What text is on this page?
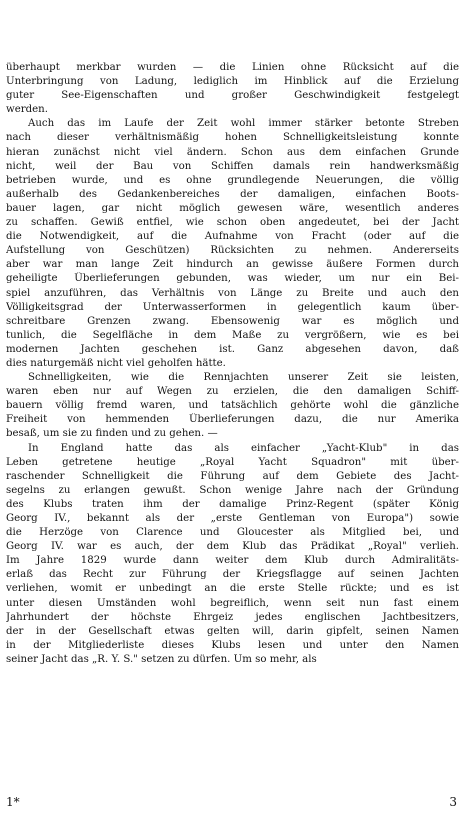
überhaupt merkbar wurden — die Linien ohne Rücksicht auf die
Unterbringung von Ladung, lediglich im Hinblick auf die Erzielung
guter See-Eigenschaften und großer Geschwindigkeit festgelegt
werden.
Auch das im Laufe der Zeit wohl immer stärker betonte Streben
nach dieser verhältnismäßig hohen Schnelligkeitsleistung konnte
hieran zunächst nicht viel ändern. Schon aus dem einfachen Grunde
nicht, weil der Bau von Schiffen damals rein handwerksmäßig
betrieben wurde, und es ohne grundlegende Neuerungen, die völlig
außerhalb des Gedankenbereiches der damaligen, einfachen Boots-
bauer lagen, gar nicht möglich gewesen wäre, wesentlich anderes
zu schaffen. Gewiß entfiel, wie schon oben angedeutet, bei der Jacht
die Notwendigkeit, auf die Aufnahme von Fracht (oder auf die
Aufstellung von Geschützen) Rücksichten zu nehmen. Andererseits
aber war man lange Zeit hindurch an gewisse äußere Formen durch
geheiligte Überlieferungen gebunden, was wieder, um nur ein Bei-
spiel anzuführen, das Verhältnis von Länge zu Breite und auch den
Völligkeitsgrad der Unterwasserformen in gelegentlich kaum über-
schreitbare Grenzen zwang. Ebensowenig war es möglich und
tunlich, die Segelfläche in dem Maße zu vergrößern, wie es bei
modernen Jachten geschehen ist. Ganz abgesehen davon, daß
dies naturgemäß nicht viel geholfen hätte.
Schnelligkeiten, wie die Rennjachten unserer Zeit sie leisten,
waren eben nur auf Wegen zu erzielen, die den damaligen Schiff-
bauern völlig fremd waren, und tatsächlich gehörte wohl die gänzliche
Freiheit von hemmenden Überlieferungen dazu, die nur Amerika
besaß, um sie zu finden und zu gehen. —
In England hatte das als einfacher „Yacht-Klub" in das
Leben getretene heutige „Royal Yacht Squadron" mit über-
raschender Schnelligkeit die Führung auf dem Gebiete des Jacht-
segelns zu erlangen gewußt. Schon wenige Jahre nach der Gründung
des Klubs traten ihm der damalige Prinz-Regent (später König
Georg IV., bekannt als der „erste Gentleman von Europa") sowie
die Herzöge von Clarence und Gloucester als Mitglied bei, und
Georg IV. war es auch, der dem Klub das Prädikat „Royal" verlieh.
Im Jahre 1829 wurde dann weiter dem Klub durch Admiralitäts-
erlaß das Recht zur Führung der Kriegsflagge auf seinen Jachten
verliehen, womit er unbedingt an die erste Stelle rückte; und es ist
unter diesen Umständen wohl begreiflich, wenn seit nun fast einem
Jahrhundert der höchste Ehrgeiz jedes englischen Jachtbesitzers,
der in der Gesellschaft etwas gelten will, darin gipfelt, seinen Namen
in der Mitgliederliste dieses Klubs lesen und unter den Namen
seiner Jacht das „R. Y. S." setzen zu dürfen. Um so mehr, als
1*	3
